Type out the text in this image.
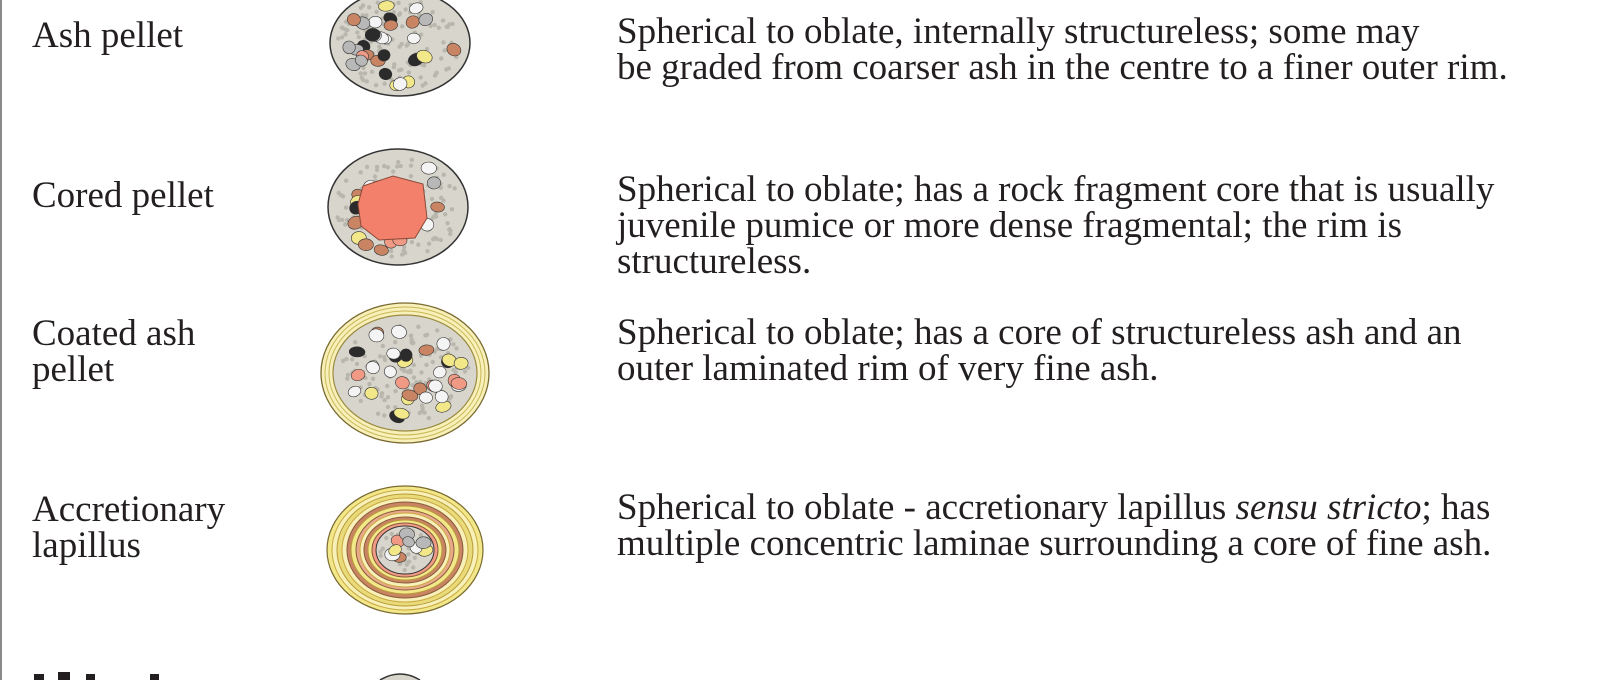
Ash pellet	Spherical to oblate, internally structureless; some may
be graded from coarser ash in the centre to a finer outer rim.
Cored pellet	Spherical to oblate; has a rock fragment core that is usually
juvenile pumice or more dense fragmental; the rim is
structureless.
Coated ash
pellet
Spherical to oblate; has a core of structureless ash and an
outer laminated rim of very fine ash.
Accretionary
lapillus
Spherical to oblate - accretionary lapillus sensu stricto; has
multiple concentric laminae surrounding a core of fine ash.
